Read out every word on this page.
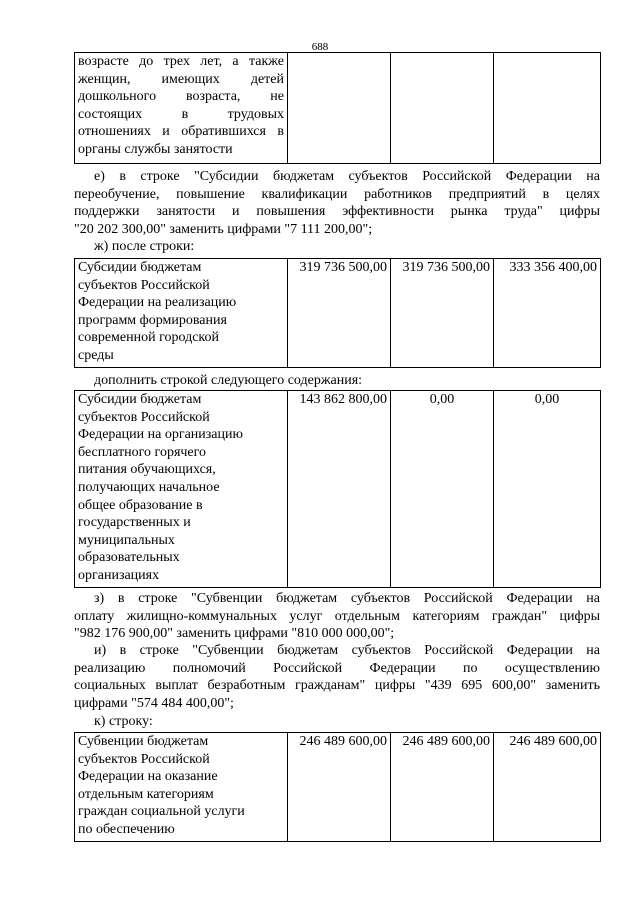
688
возрасте до трех лет, а также
женщин, имеющих детей
дошкольного возраста, не
состоящих в трудовых
отношениях и обратившихся в
органы службы занятости

е) в строке "Субсидии бюджетам субъектов Российской Федерации на
переобучение, повышение квалификации работников предприятий в целях
поддержки занятости и повышения эффективности рынка труда" цифры
"20 202 300,00" заменить цифрами "7 111 200,00";
ж) после строки:
Субсидии бюджетам
субъектов Российской
Федерации на реализацию
программ формирования
современной городской
среды
	319 736 500,00	319 736 500,00	333 356 400,00
дополнить строкой следующего содержания:
Субсидии бюджетам
субъектов Российской
Федерации на организацию
бесплатного горячего
питания обучающихся,
получающих начальное
общее образование в
государственных и
муниципальных
образовательных
организациях
	143 862 800,00	0,00	0,00
з) в строке "Субвенции бюджетам субъектов Российской Федерации на
оплату жилищно-коммунальных услуг отдельным категориям граждан" цифры
"982 176 900,00" заменить цифрами "810 000 000,00";
и) в строке "Субвенции бюджетам субъектов Российской Федерации на
реализацию полномочий Российской Федерации по осуществлению
социальных выплат безработным гражданам" цифры "439 695 600,00" заменить
цифрами "574 484 400,00";
к) строку:
Субвенции бюджетам
субъектов Российской
Федерации на оказание
отдельным категориям
граждан социальной услуги
по обеспечению
	246 489 600,00	246 489 600,00	246 489 600,00
